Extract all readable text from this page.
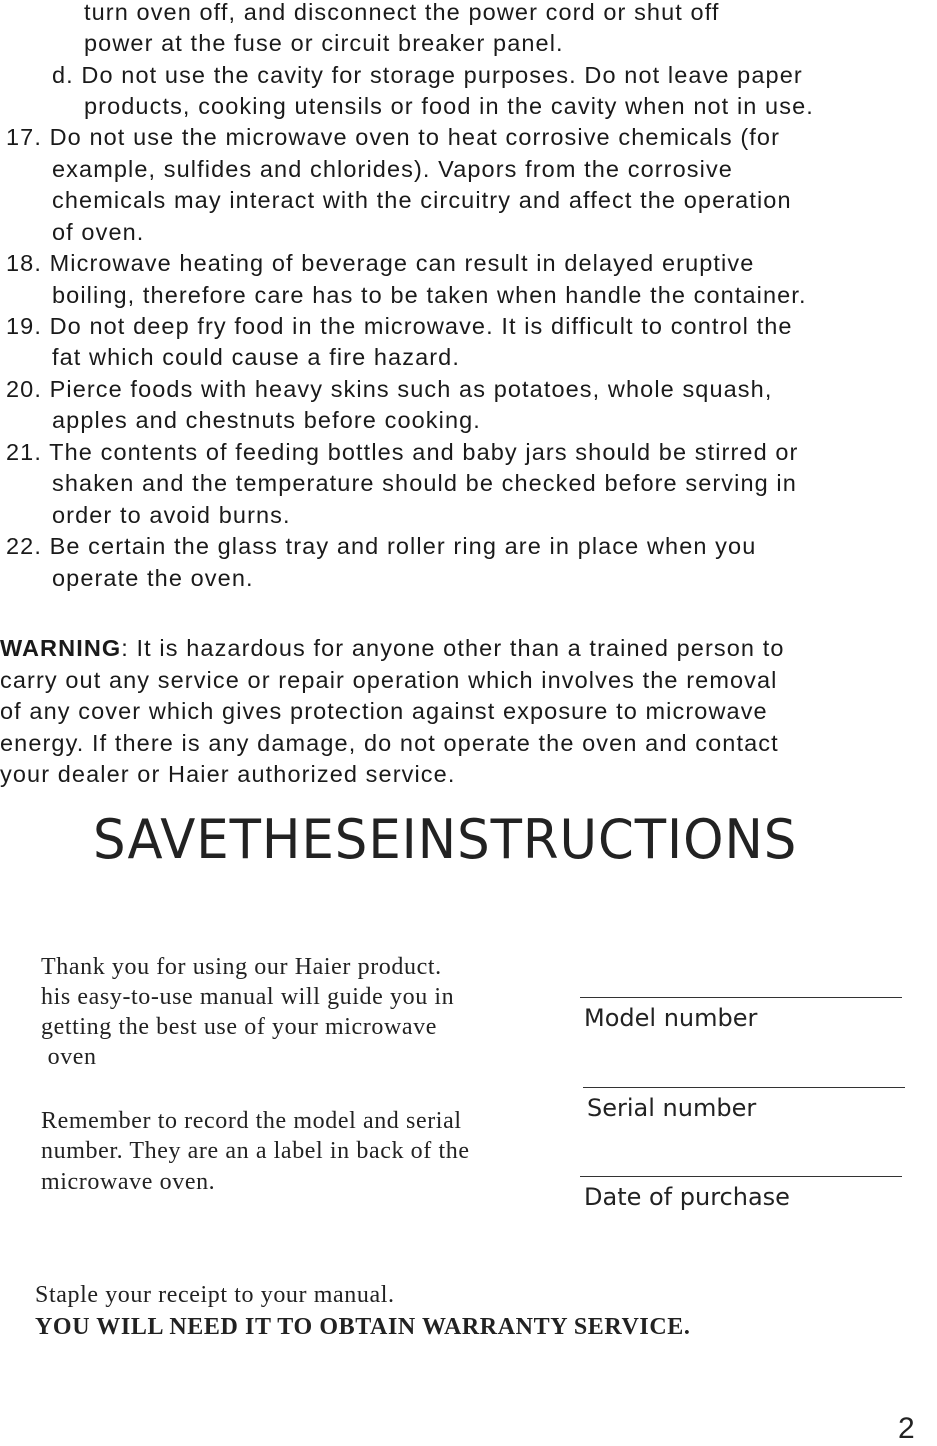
turn oven off, and disconnect the power cord or shut off
power at the fuse or circuit breaker panel.
d. Do not use the cavity for storage purposes. Do not leave paper
products, cooking utensils or food in the cavity when not in use.
17. Do not use the microwave oven to heat corrosive chemicals (for
example, sulfides and chlorides). Vapors from the corrosive
chemicals may interact with the circuitry and affect the operation
of oven.
18. Microwave heating of beverage can result in delayed eruptive
boiling, therefore care has to be taken when handle the container.
19. Do not deep fry food in the microwave. It is difficult to control the
fat which could cause a fire hazard.
20. Pierce foods with heavy skins such as potatoes, whole squash,
apples and chestnuts before cooking.
21. The contents of feeding bottles and baby jars should be stirred or
shaken and the temperature should be checked before serving in
order to avoid burns.
22. Be certain the glass tray and roller ring are in place when you
operate the oven.
WARNING: It is hazardous for anyone other than a trained person to
carry out any service or repair operation which involves the removal
of any cover which gives protection against exposure to microwave
energy. If there is any damage, do not operate the oven and contact
your dealer or Haier authorized service.
SAVETHESEINSTRUCTIONS
Thank you for using our Haier product.
his easy-to-use manual will guide you in
getting the best use of your microwave
oven
Remember to record the model and serial
number. They are an a label in back of the
microwave oven.
Model number
Serial number
Date of purchase
Staple your receipt to your manual.
YOU WILL NEED IT TO OBTAIN WARRANTY SERVICE.
2
